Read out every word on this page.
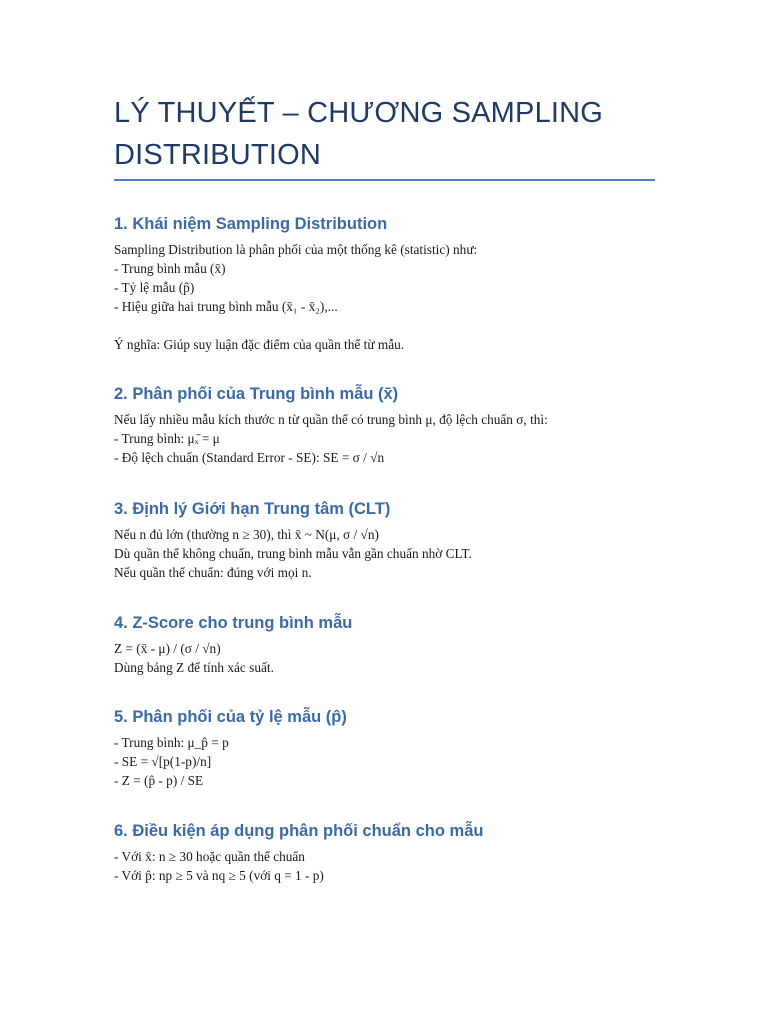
LÝ THUYẾT – CHƯƠNG SAMPLING
DISTRIBUTION
1. Khái niệm Sampling Distribution
Sampling Distribution là phân phối của một thống kê (statistic) như:
- Trung bình mẫu (x̄)
- Tỷ lệ mẫu (p̂)
- Hiệu giữa hai trung bình mẫu (x̄₁ - x̄₂),...
Ý nghĩa: Giúp suy luận đặc điểm của quần thể từ mẫu.
2. Phân phối của Trung bình mẫu (x̄)
Nếu lấy nhiều mẫu kích thước n từ quần thể có trung bình μ, độ lệch chuẩn σ, thì:
- Trung bình: μₓ̄ = μ
- Độ lệch chuẩn (Standard Error - SE): SE = σ / √n
3. Định lý Giới hạn Trung tâm (CLT)
Nếu n đủ lớn (thường n ≥ 30), thì x̄ ~ N(μ, σ / √n)
Dù quần thể không chuẩn, trung bình mẫu vẫn gần chuẩn nhờ CLT.
Nếu quần thể chuẩn: đúng với mọi n.
4. Z-Score cho trung bình mẫu
Z = (x̄ - μ) / (σ / √n)
Dùng bảng Z để tính xác suất.
5. Phân phối của tỷ lệ mẫu (p̂)
- Trung bình: μ_p̂ = p
- SE = √[p(1-p)/n]
- Z = (p̂ - p) / SE
6. Điều kiện áp dụng phân phối chuẩn cho mẫu
- Với x̄: n ≥ 30 hoặc quần thể chuẩn
- Với p̂: np ≥ 5 và nq ≥ 5 (với q = 1 - p)
